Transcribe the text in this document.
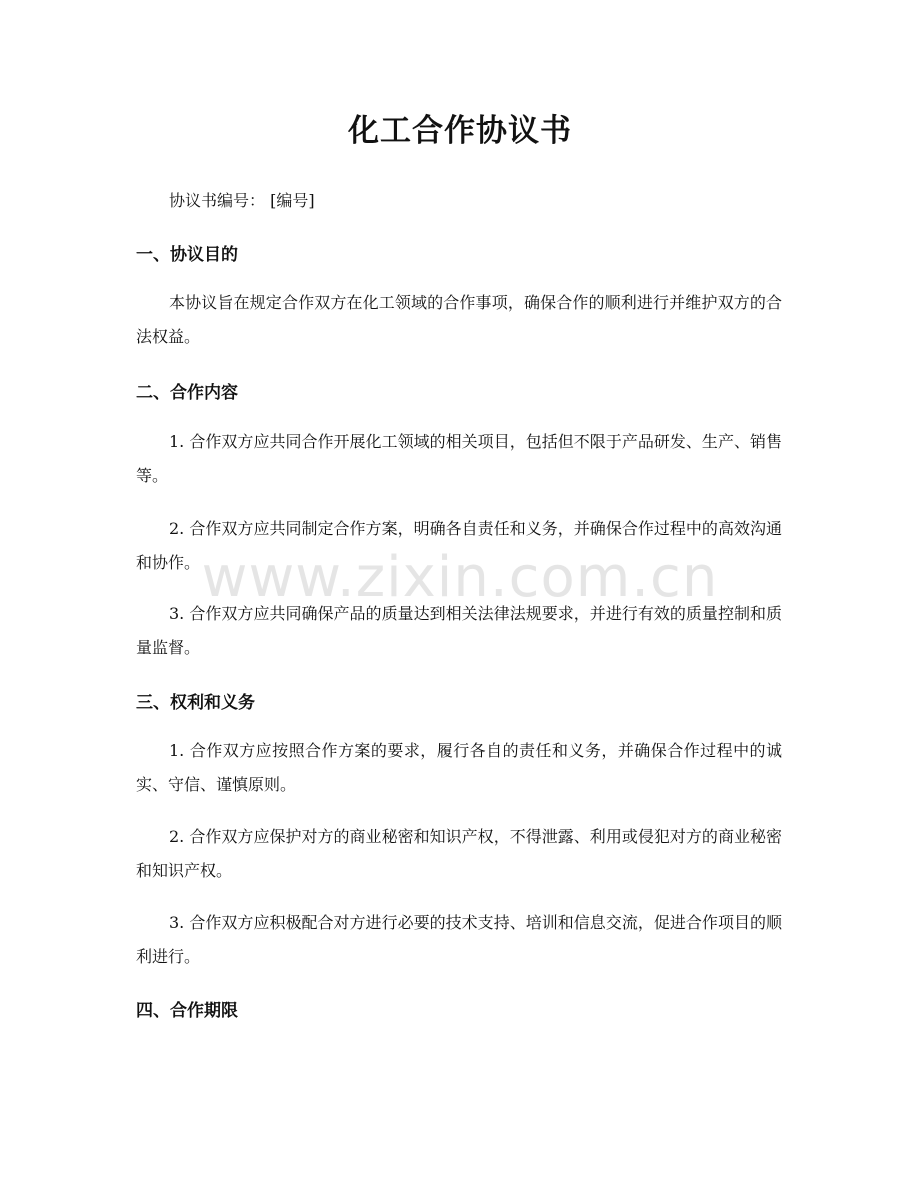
化工合作协议书
协议书编号： [编号]
一、协议目的
本协议旨在规定合作双方在化工领域的合作事项，确保合作的顺利进行并维护双方的合法权益。
二、合作内容
1. 合作双方应共同合作开展化工领域的相关项目，包括但不限于产品研发、生产、销售等。
2. 合作双方应共同制定合作方案，明确各自责任和义务，并确保合作过程中的高效沟通和协作。
3. 合作双方应共同确保产品的质量达到相关法律法规要求，并进行有效的质量控制和质量监督。
三、权利和义务
1. 合作双方应按照合作方案的要求，履行各自的责任和义务，并确保合作过程中的诚实、守信、谨慎原则。
2. 合作双方应保护对方的商业秘密和知识产权，不得泄露、利用或侵犯对方的商业秘密和知识产权。
3. 合作双方应积极配合对方进行必要的技术支持、培训和信息交流，促进合作项目的顺利进行。
四、合作期限
www.zixin.com.cn
